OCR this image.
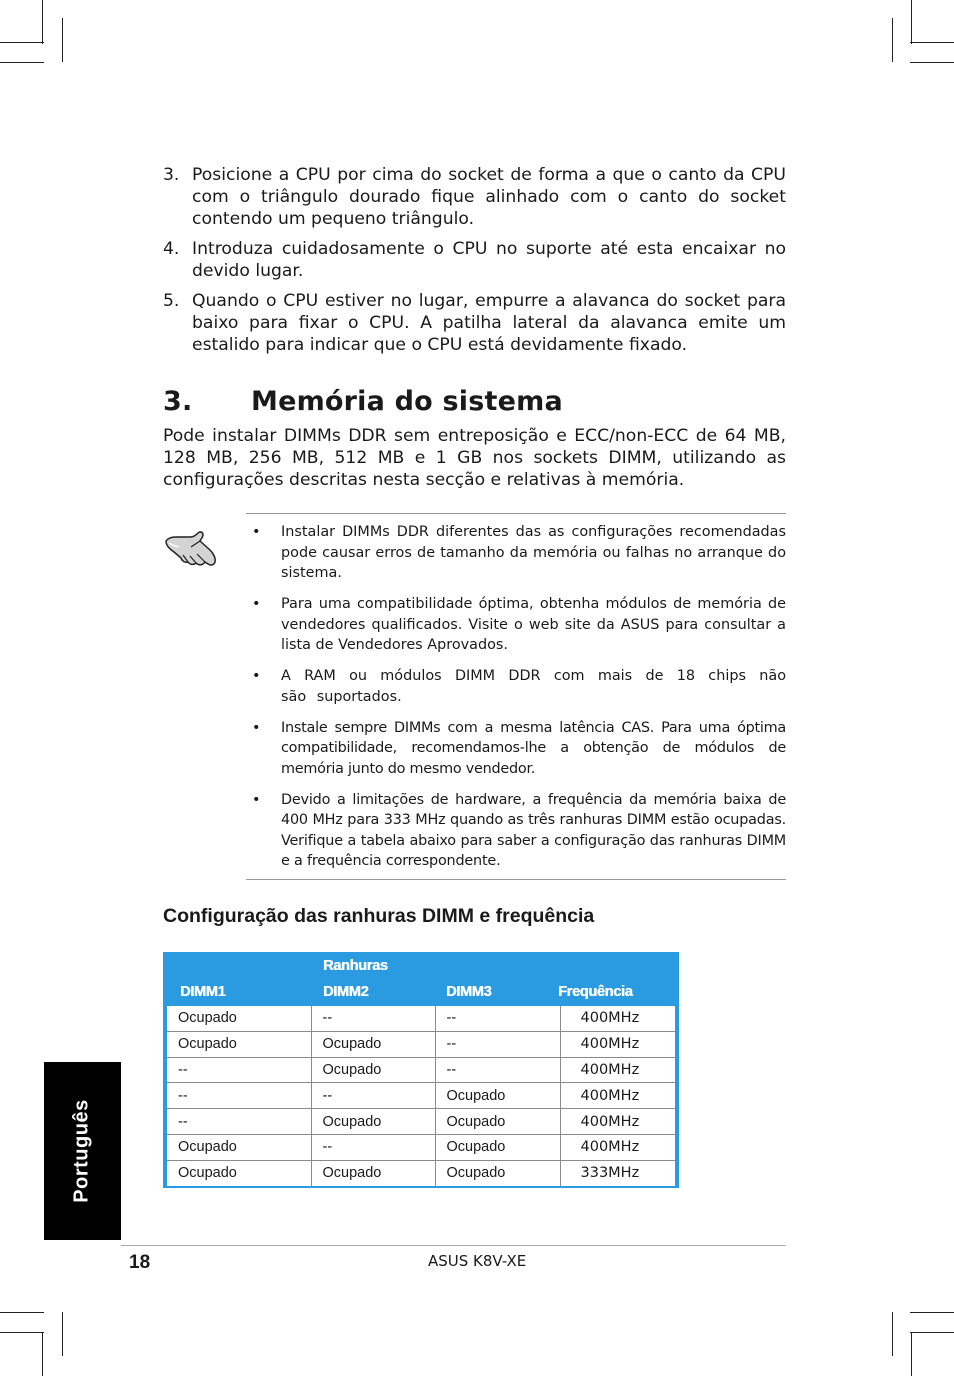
3. Posicione a CPU por cima do socket de forma a que o canto da CPU com o triângulo dourado fique alinhado com o canto do socket contendo um pequeno triângulo.
4. Introduza cuidadosamente o CPU no suporte até esta encaixar no devido lugar.
5. Quando o CPU estiver no lugar, empurre a alavanca do socket para baixo para fixar o CPU. A patilha lateral da alavanca emite um estalido para indicar que o CPU está devidamente fixado.
3. Memória do sistema

Pode instalar DIMMs DDR sem entreposição e ECC/non-ECC de 64 MB, 128 MB, 256 MB, 512 MB e 1 GB nos sockets DIMM, utilizando as configurações descritas nesta secção e relativas à memória.

• Instalar DIMMs DDR diferentes das as configurações recomendadas pode causar erros de tamanho da memória ou falhas no arranque do sistema.
• Para uma compatibilidade óptima, obtenha módulos de memória de vendedores qualificados. Visite o web site da ASUS para consultar a lista de Vendedores Aprovados.
• A RAM ou módulos DIMM DDR com mais de 18 chips não são suportados.
• Instale sempre DIMMs com a mesma latência CAS. Para uma óptima compatibilidade, recomendamos-lhe a obtenção de módulos de memória junto do mesmo vendedor.
• Devido a limitações de hardware, a frequência da memória baixa de 400 MHz para 333 MHz quando as três ranhuras DIMM estão ocupadas. Verifique a tabela abaixo para saber a configuração das ranhuras DIMM e a frequência correspondente.
Configuração das ranhuras DIMM e frequência
Ranhuras
DIMM1	DIMM2	DIMM3	Frequência
Ocupado	--	--	400MHz
Ocupado	Ocupado	--	400MHz
--	Ocupado	--	400MHz
--	--	Ocupado	400MHz
--	Ocupado	Ocupado	400MHz
Ocupado	--	Ocupado	400MHz
Ocupado	Ocupado	Ocupado	333MHz
Português
18	ASUS K8V-XE
